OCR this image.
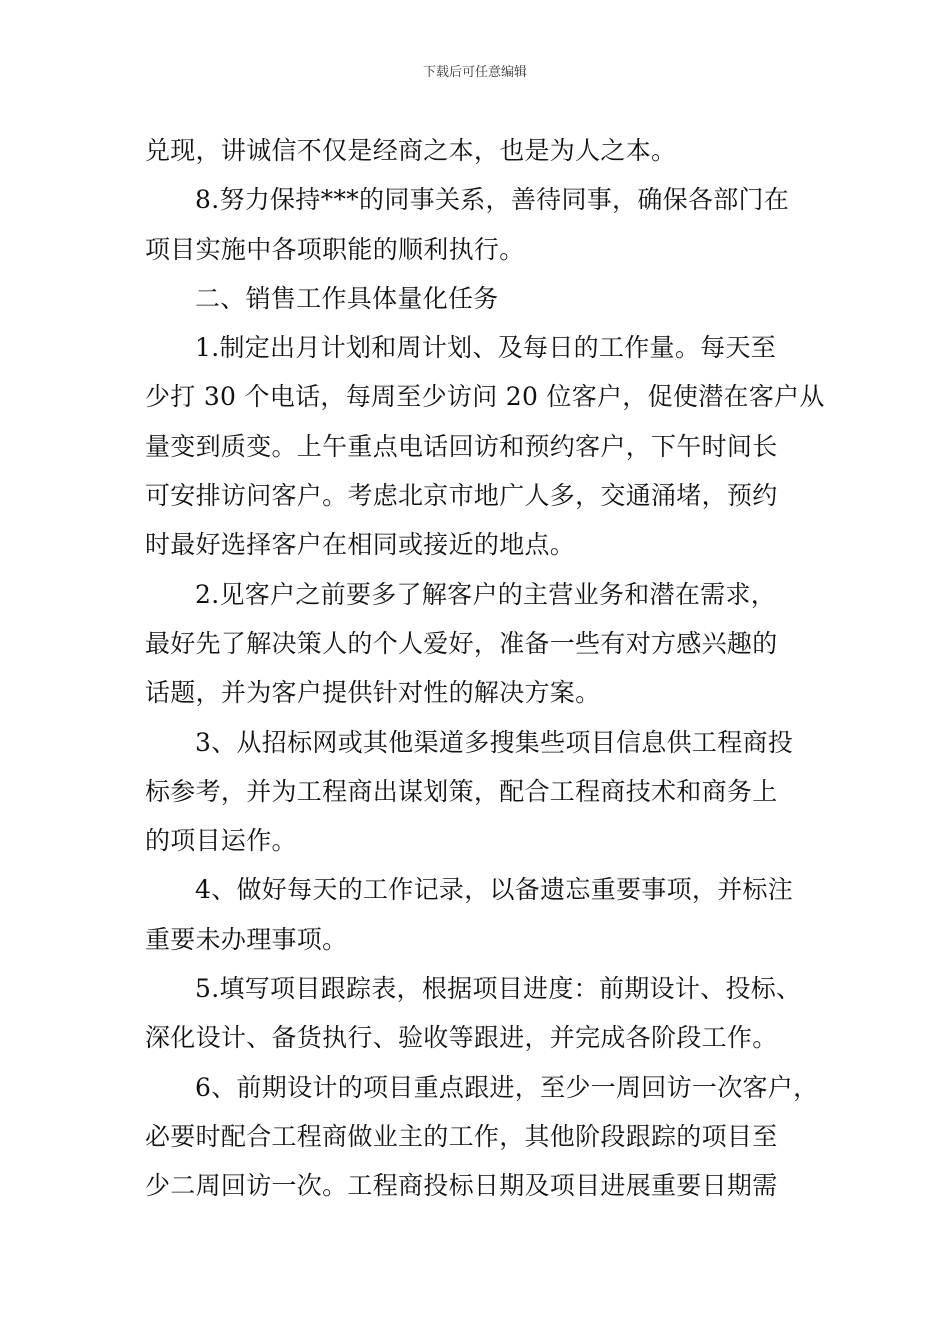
下载后可任意编辑
兑现，讲诚信不仅是经商之本，也是为人之本。
8.努力保持***的同事关系，善待同事，确保各部门在
项目实施中各项职能的顺利执行。
二、销售工作具体量化任务
1.制定出月计划和周计划、及每日的工作量。每天至
少打 30 个电话，每周至少访问 20 位客户，促使潜在客户从
量变到质变。上午重点电话回访和预约客户，下午时间长
可安排访问客户。考虑北京市地广人多，交通涌堵，预约
时最好选择客户在相同或接近的地点。
2.见客户之前要多了解客户的主营业务和潜在需求，
最好先了解决策人的个人爱好，准备一些有对方感兴趣的
话题，并为客户提供针对性的解决方案。
3、从招标网或其他渠道多搜集些项目信息供工程商投
标参考，并为工程商出谋划策，配合工程商技术和商务上
的项目运作。
4、做好每天的工作记录，以备遗忘重要事项，并标注
重要未办理事项。
5.填写项目跟踪表，根据项目进度：前期设计、投标、
深化设计、备货执行、验收等跟进，并完成各阶段工作。
6、前期设计的项目重点跟进，至少一周回访一次客户，
必要时配合工程商做业主的工作，其他阶段跟踪的项目至
少二周回访一次。工程商投标日期及项目进展重要日期需
